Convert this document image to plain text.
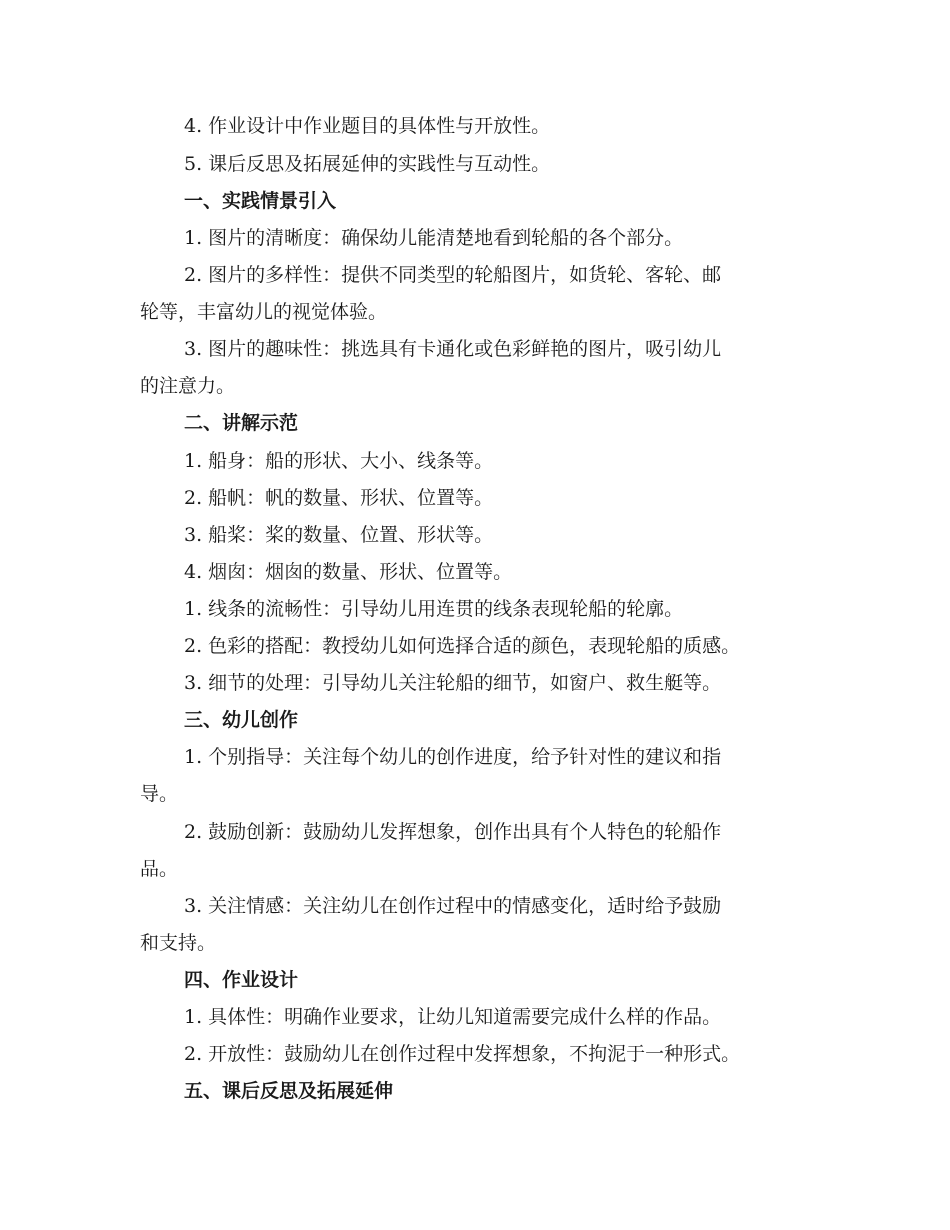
4. 作业设计中作业题目的具体性与开放性。
5. 课后反思及拓展延伸的实践性与互动性。
一、实践情景引入
1. 图片的清晰度：确保幼儿能清楚地看到轮船的各个部分。
2. 图片的多样性：提供不同类型的轮船图片，如货轮、客轮、邮
轮等，丰富幼儿的视觉体验。
3. 图片的趣味性：挑选具有卡通化或色彩鲜艳的图片，吸引幼儿
的注意力。
二、讲解示范
1. 船身：船的形状、大小、线条等。
2. 船帆：帆的数量、形状、位置等。
3. 船桨：桨的数量、位置、形状等。
4. 烟囱：烟囱的数量、形状、位置等。
1. 线条的流畅性：引导幼儿用连贯的线条表现轮船的轮廓。
2. 色彩的搭配：教授幼儿如何选择合适的颜色，表现轮船的质感。
3. 细节的处理：引导幼儿关注轮船的细节，如窗户、救生艇等。
三、幼儿创作
1. 个别指导：关注每个幼儿的创作进度，给予针对性的建议和指
导。
2. 鼓励创新：鼓励幼儿发挥想象，创作出具有个人特色的轮船作
品。
3. 关注情感：关注幼儿在创作过程中的情感变化，适时给予鼓励
和支持。
四、作业设计
1. 具体性：明确作业要求，让幼儿知道需要完成什么样的作品。
2. 开放性：鼓励幼儿在创作过程中发挥想象，不拘泥于一种形式。
五、课后反思及拓展延伸
